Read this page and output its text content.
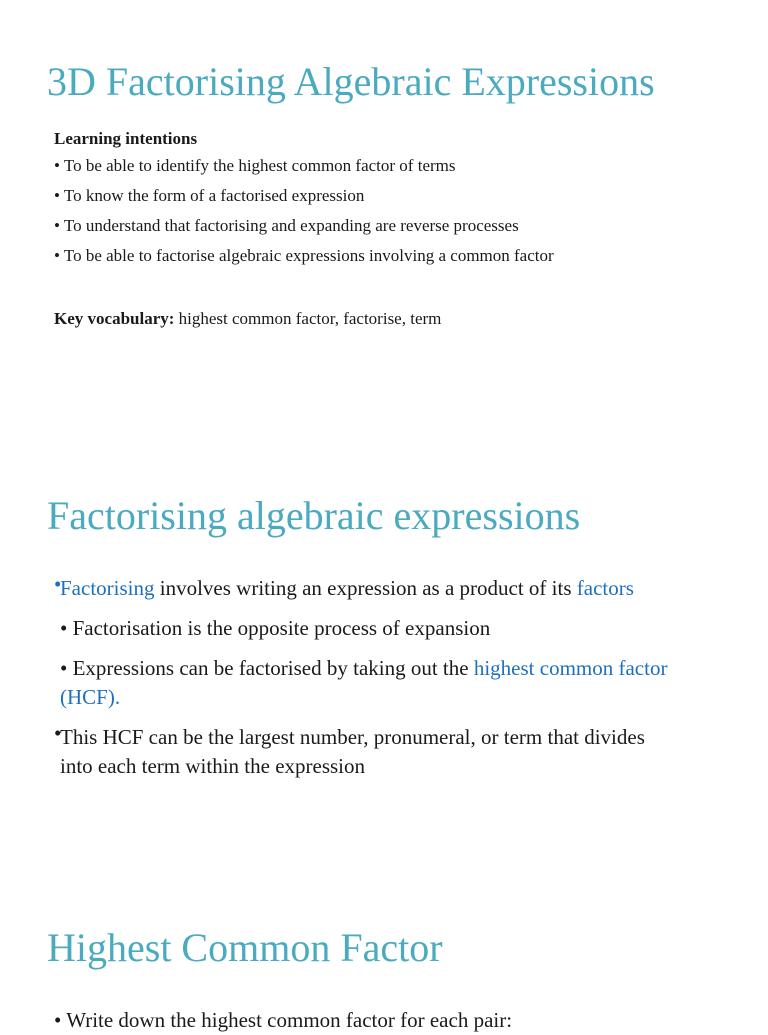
3D Factorising Algebraic Expressions
Learning intentions
• To be able to identify the highest common factor of terms
• To know the form of a factorised expression
• To understand that factorising and expanding are reverse processes
• To be able to factorise algebraic expressions involving a common factor
Key vocabulary: highest common factor, factorise, term
Factorising algebraic expressions
•
Factorising involves writing an expression as a product of its factors
• Factorisation is the opposite process of expansion
• Expressions can be factorised by taking out the highest common factor (HCF).
•
This HCF can be the largest number, pronumeral, or term that divides into each term within the expression
Highest Common Factor
• Write down the highest common factor for each pair:
